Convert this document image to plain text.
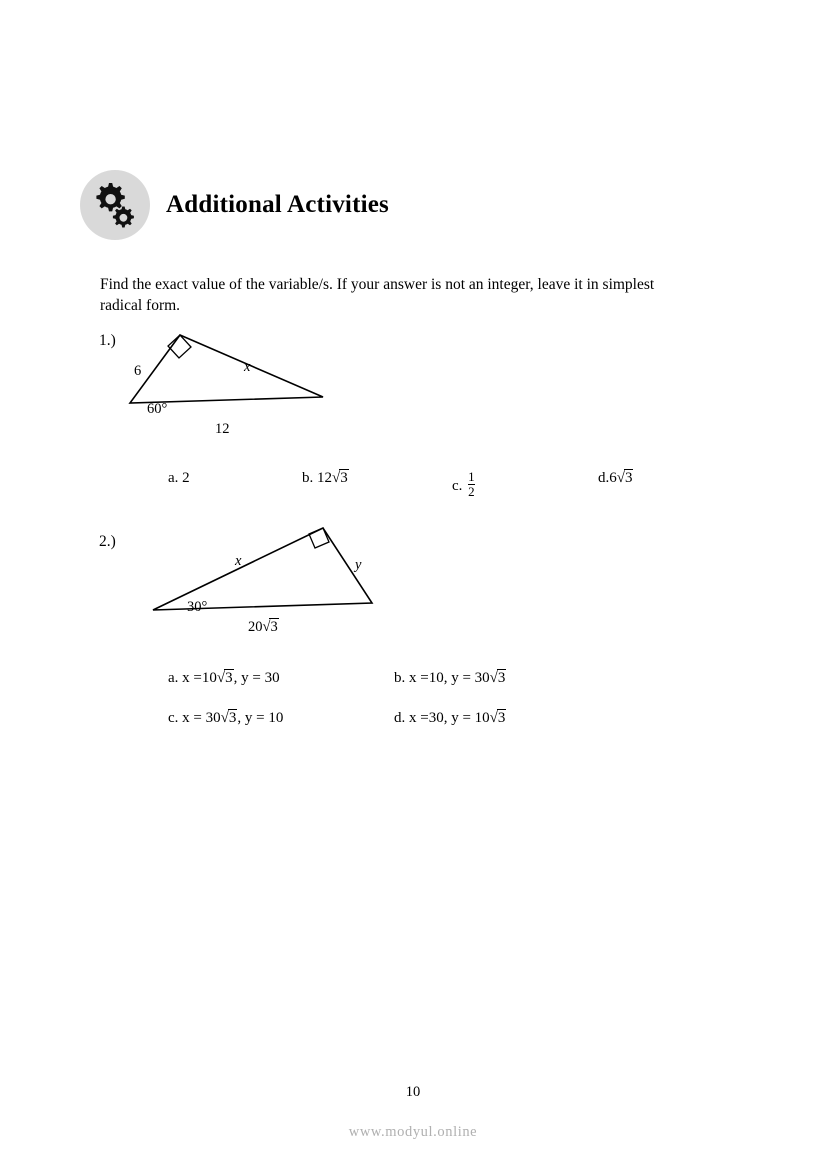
Additional Activities
Find the exact value of the variable/s. If your answer is not an integer, leave it in simplest radical form.
1.)
6	x
60°
12
a. 2	b. 12√3	c. $\frac{1}{2}$	d.6√3
2.)
x	y
30°
20√3
a. x =10√3, y = 30	b. x =10, y = 30√3
c. x = 30√3, y = 10	d. x =30, y = 10√3
10
www.modyul.online
